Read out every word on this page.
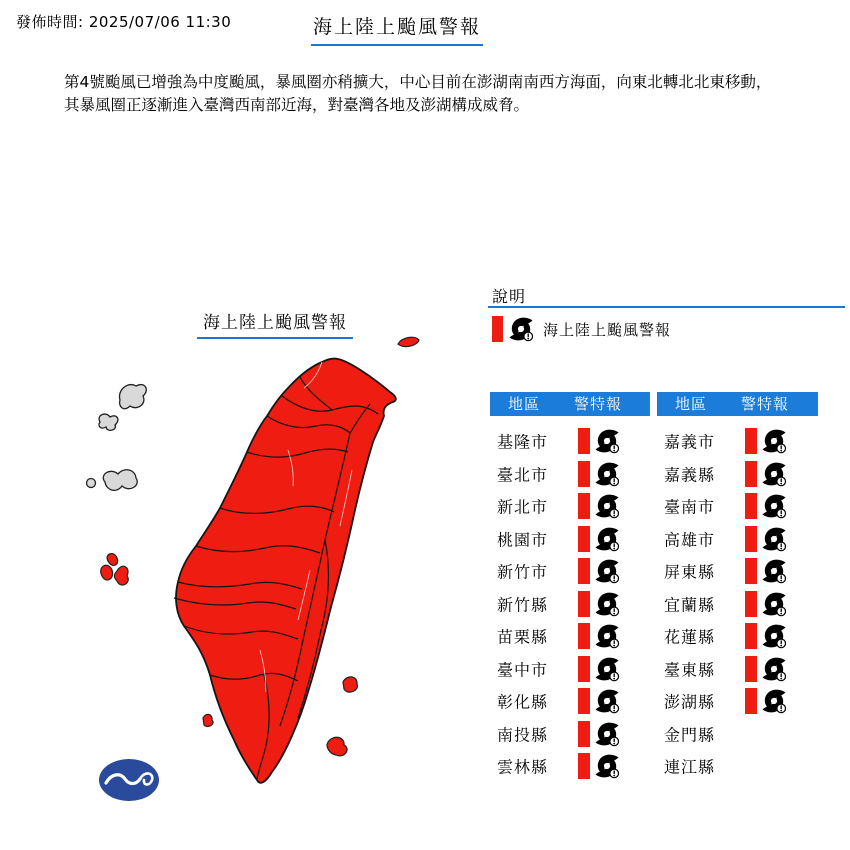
發佈時間: 2025/07/06 11:30	海上陸上颱風警報
第4號颱風已增強為中度颱風，暴風圈亦稍擴大，中心目前在澎湖南南西方海面，向東北轉北北東移動，
其暴風圈正逐漸進入臺灣西南部近海，對臺灣各地及澎湖構成威脅。
海上陸上颱風警報
說明
海上陸上颱風警報
地區 警特報	地區 警特報
基隆市
臺北市
新北市
桃園市
新竹市
新竹縣
苗栗縣
臺中市
彰化縣
南投縣
雲林縣
嘉義市
嘉義縣
臺南市
高雄市
屏東縣
宜蘭縣
花蓮縣
臺東縣
澎湖縣
金門縣
連江縣
